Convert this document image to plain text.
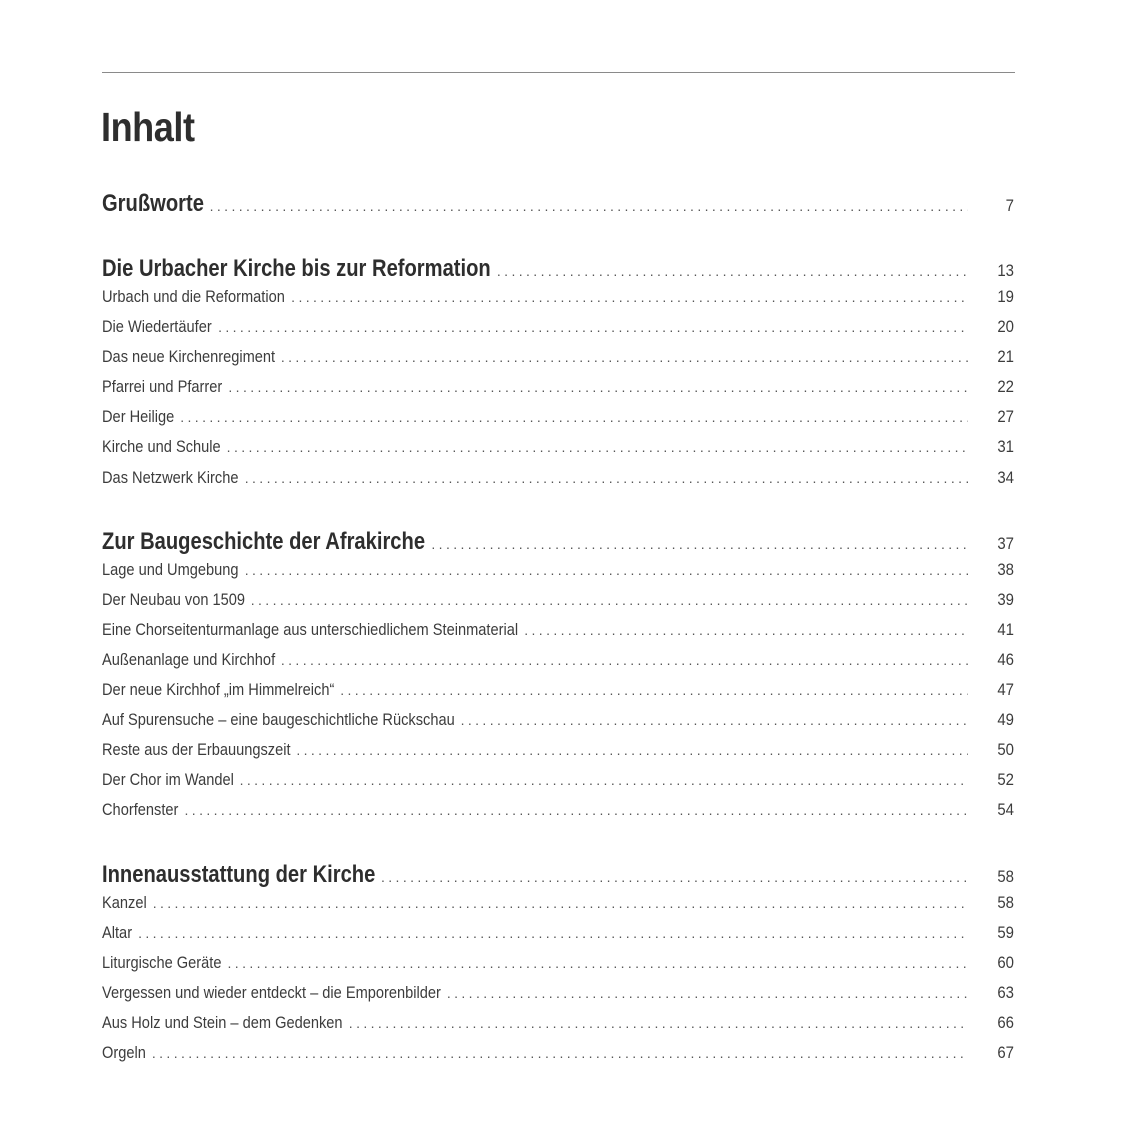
Inhalt
Grußworte . . .	7
Die Urbacher Kirche bis zur Reformation . . .	13
Urbach und die Reformation . . .	19
Die Wiedertäufer . . .	20
Das neue Kirchenregiment . . .	21
Pfarrei und Pfarrer . . .	22
Der Heilige . . .	27
Kirche und Schule . . .	31
Das Netzwerk Kirche . . .	34
Zur Baugeschichte der Afrakirche . . .	37
Lage und Umgebung . . .	38
Der Neubau von 1509 . . .	39
Eine Chorseitenturmanlage aus unterschiedlichem Steinmaterial . . .	41
Außenanlage und Kirchhof . . .	46
Der neue Kirchhof „im Himmelreich“ . . .	47
Auf Spurensuche – eine baugeschichtliche Rückschau . . .	49
Reste aus der Erbauungszeit . . .	50
Der Chor im Wandel . . .	52
Chorfenster . . .	54
Innenausstattung der Kirche . . .	58
Kanzel . . .	58
Altar . . .	59
Liturgische Geräte . . .	60
Vergessen und wieder entdeckt – die Emporenbilder . . .	63
Aus Holz und Stein – dem Gedenken . . .	66
Orgeln . . .	67
